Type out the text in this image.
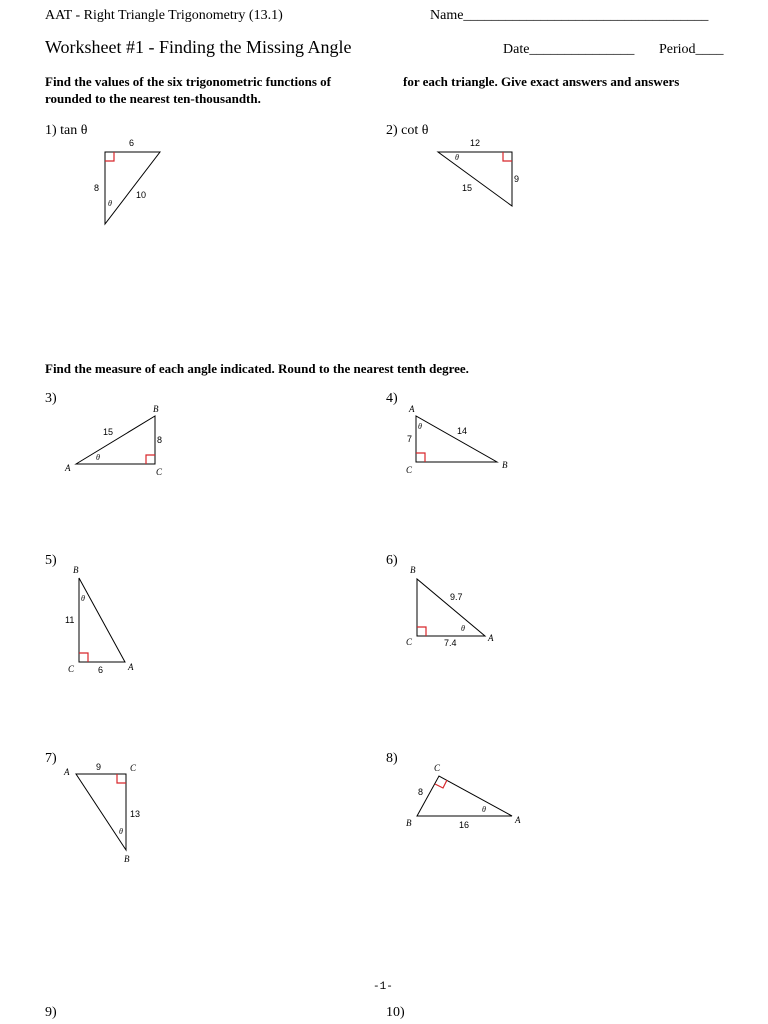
AAT - Right Triangle Trigonometry (13.1)	Name___________________________________
Worksheet #1 - Finding the Missing Angle	Date_______________ Period____
Find the values of the six trigonometric functions of	for each triangle. Give exact answers and answers
rounded to the nearest ten-thousandth.
1) tan θ
6
8
10
θ
2) cot θ
12
9
15
θ
Find the measure of each angle indicated. Round to the nearest tenth degree.
3)
15
8
θ
A
B
C
4)
7
14
θ
A
B
C
5)
11
6
θ
A
B
C
6)
9.7
7.4
θ
A
B
C
7)
9
13
θ
A
B
C
8)
8
16
θ
A
B
C
-1-
9)	10)
